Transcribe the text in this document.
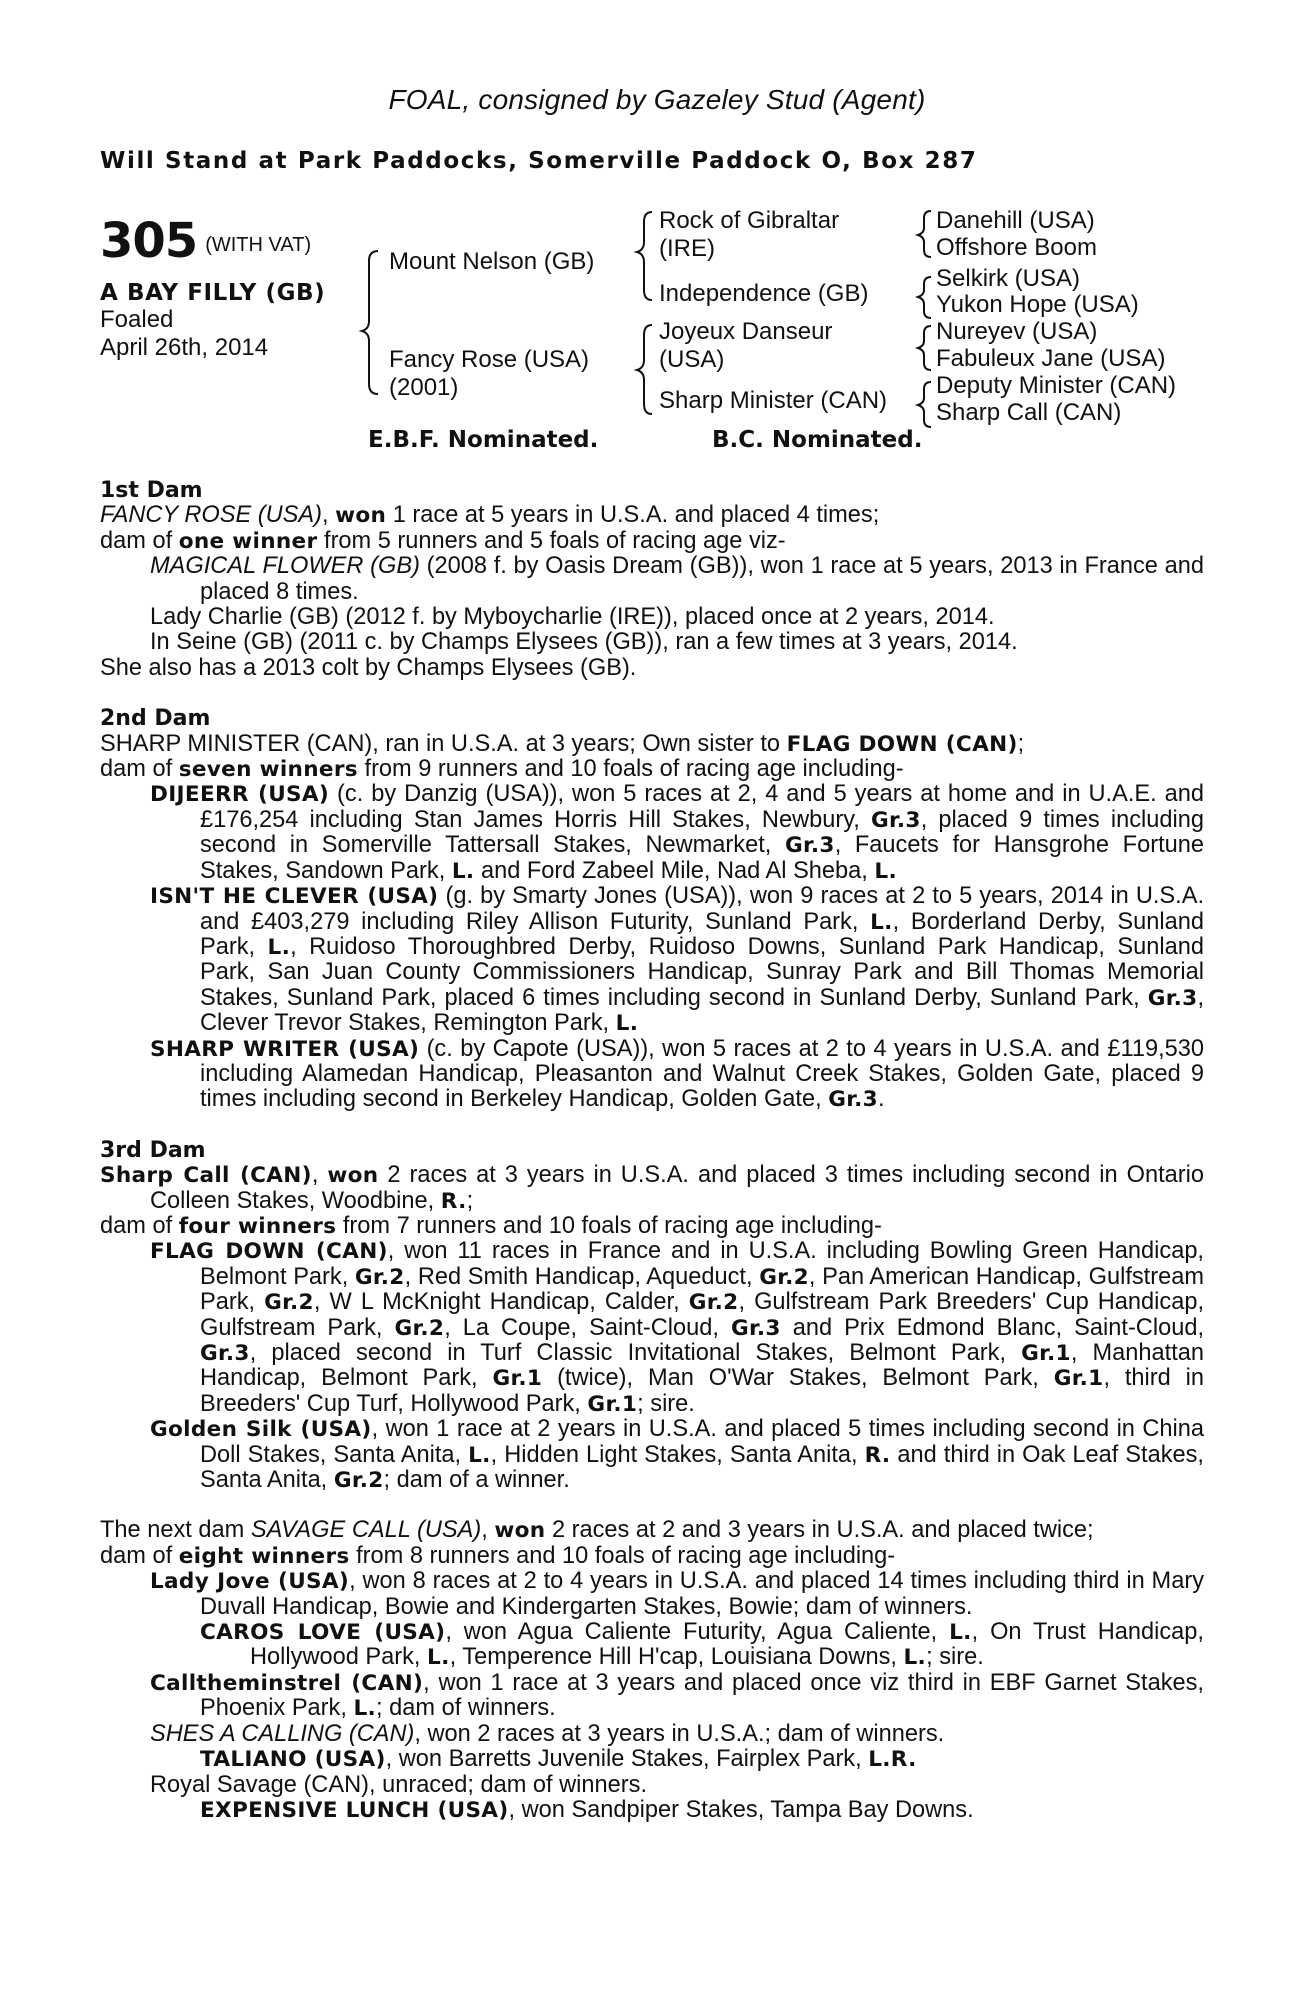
FOAL, consigned by Gazeley Stud (Agent)
Will Stand at Park Paddocks, Somerville Paddock O, Box 287
305 (WITH VAT)
A BAY FILLY (GB)
Foaled
April 26th, 2014
Mount Nelson (GB)
Fancy Rose (USA)
(2001)
Rock of Gibraltar
(IRE)
Independence (GB)
Joyeux Danseur
(USA)
Sharp Minister (CAN)
Danehill (USA)
Offshore Boom
Selkirk (USA)
Yukon Hope (USA)
Nureyev (USA)
Fabuleux Jane (USA)
Deputy Minister (CAN)
Sharp Call (CAN)
E.B.F. Nominated.	B.C. Nominated.
1st Dam
FANCY ROSE (USA), won 1 race at 5 years in U.S.A. and placed 4 times;
dam of one winner from 5 runners and 5 foals of racing age viz-
MAGICAL FLOWER (GB) (2008 f. by Oasis Dream (GB)), won 1 race at 5 years, 2013 in France and placed 8 times.
Lady Charlie (GB) (2012 f. by Myboycharlie (IRE)), placed once at 2 years, 2014.
In Seine (GB) (2011 c. by Champs Elysees (GB)), ran a few times at 3 years, 2014.
She also has a 2013 colt by Champs Elysees (GB).
2nd Dam
SHARP MINISTER (CAN), ran in U.S.A. at 3 years; Own sister to FLAG DOWN (CAN);
dam of seven winners from 9 runners and 10 foals of racing age including-
DIJEERR (USA) (c. by Danzig (USA)), won 5 races at 2, 4 and 5 years at home and in U.A.E. and £176,254 including Stan James Horris Hill Stakes, Newbury, Gr.3, placed 9 times including second in Somerville Tattersall Stakes, Newmarket, Gr.3, Faucets for Hansgrohe Fortune Stakes, Sandown Park, L. and Ford Zabeel Mile, Nad Al Sheba, L.
ISN'T HE CLEVER (USA) (g. by Smarty Jones (USA)), won 9 races at 2 to 5 years, 2014 in U.S.A. and £403,279 including Riley Allison Futurity, Sunland Park, L., Borderland Derby, Sunland Park, L., Ruidoso Thoroughbred Derby, Ruidoso Downs, Sunland Park Handicap, Sunland Park, San Juan County Commissioners Handicap, Sunray Park and Bill Thomas Memorial Stakes, Sunland Park, placed 6 times including second in Sunland Derby, Sunland Park, Gr.3, Clever Trevor Stakes, Remington Park, L.
SHARP WRITER (USA) (c. by Capote (USA)), won 5 races at 2 to 4 years in U.S.A. and £119,530 including Alamedan Handicap, Pleasanton and Walnut Creek Stakes, Golden Gate, placed 9 times including second in Berkeley Handicap, Golden Gate, Gr.3.
3rd Dam
Sharp Call (CAN), won 2 races at 3 years in U.S.A. and placed 3 times including second in Ontario Colleen Stakes, Woodbine, R.;
dam of four winners from 7 runners and 10 foals of racing age including-
FLAG DOWN (CAN), won 11 races in France and in U.S.A. including Bowling Green Handicap, Belmont Park, Gr.2, Red Smith Handicap, Aqueduct, Gr.2, Pan American Handicap, Gulfstream Park, Gr.2, W L McKnight Handicap, Calder, Gr.2, Gulfstream Park Breeders' Cup Handicap, Gulfstream Park, Gr.2, La Coupe, Saint-Cloud, Gr.3 and Prix Edmond Blanc, Saint-Cloud, Gr.3, placed second in Turf Classic Invitational Stakes, Belmont Park, Gr.1, Manhattan Handicap, Belmont Park, Gr.1 (twice), Man O'War Stakes, Belmont Park, Gr.1, third in Breeders' Cup Turf, Hollywood Park, Gr.1; sire.
Golden Silk (USA), won 1 race at 2 years in U.S.A. and placed 5 times including second in China Doll Stakes, Santa Anita, L., Hidden Light Stakes, Santa Anita, R. and third in Oak Leaf Stakes, Santa Anita, Gr.2; dam of a winner.
The next dam SAVAGE CALL (USA), won 2 races at 2 and 3 years in U.S.A. and placed twice;
dam of eight winners from 8 runners and 10 foals of racing age including-
Lady Jove (USA), won 8 races at 2 to 4 years in U.S.A. and placed 14 times including third in Mary Duvall Handicap, Bowie and Kindergarten Stakes, Bowie; dam of winners.
CAROS LOVE (USA), won Agua Caliente Futurity, Agua Caliente, L., On Trust Handicap, Hollywood Park, L., Temperence Hill H'cap, Louisiana Downs, L.; sire.
Calltheminstrel (CAN), won 1 race at 3 years and placed once viz third in EBF Garnet Stakes, Phoenix Park, L.; dam of winners.
SHES A CALLING (CAN), won 2 races at 3 years in U.S.A.; dam of winners.
TALIANO (USA), won Barretts Juvenile Stakes, Fairplex Park, L.R.
Royal Savage (CAN), unraced; dam of winners.
EXPENSIVE LUNCH (USA), won Sandpiper Stakes, Tampa Bay Downs.
